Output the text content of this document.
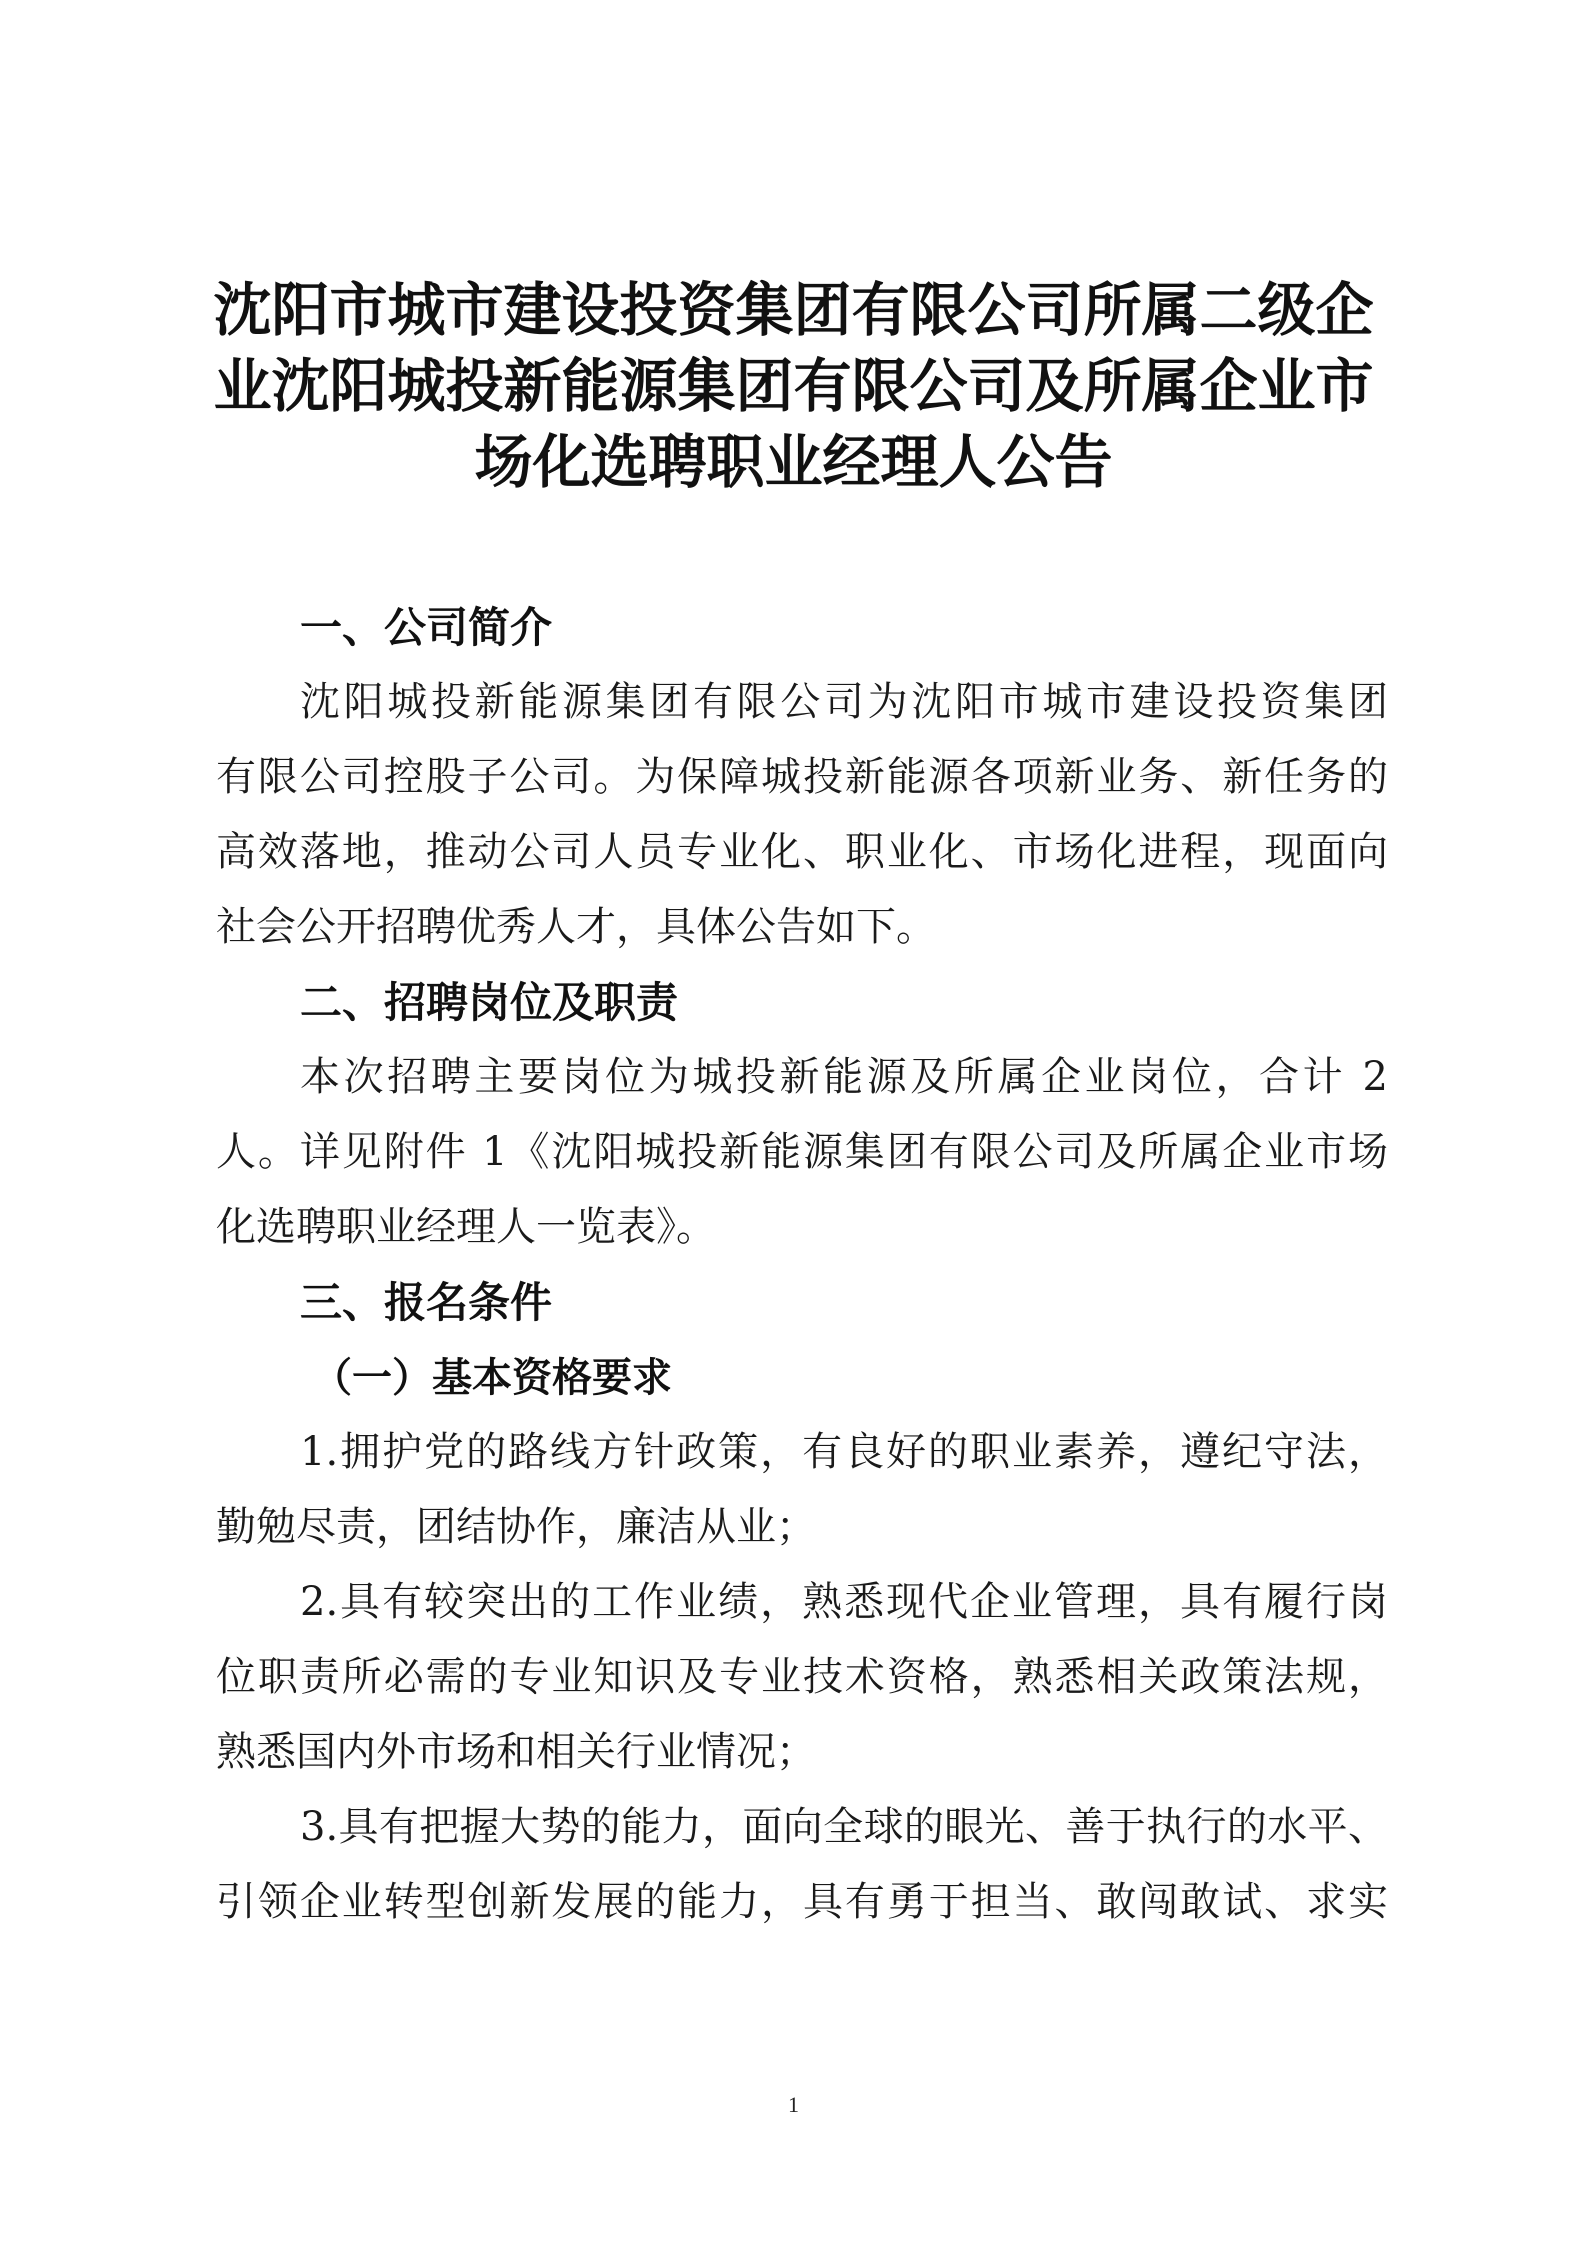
沈阳市城市建设投资集团有限公司所属二级企
业沈阳城投新能源集团有限公司及所属企业市
场化选聘职业经理人公告

一、公司简介

沈阳城投新能源集团有限公司为沈阳市城市建设投资集团
有限公司控股子公司。为保障城投新能源各项新业务、新任务的
高效落地，推动公司人员专业化、职业化、市场化进程，现面向
社会公开招聘优秀人才，具体公告如下。

二、招聘岗位及职责

本次招聘主要岗位为城投新能源及所属企业岗位，合计 2
人。详见附件 1《沈阳城投新能源集团有限公司及所属企业市场
化选聘职业经理人一览表》。

三、报名条件

（一）基本资格要求

1.拥护党的路线方针政策，有良好的职业素养，遵纪守法，
勤勉尽责，团结协作，廉洁从业；

2.具有较突出的工作业绩，熟悉现代企业管理，具有履行岗
位职责所必需的专业知识及专业技术资格，熟悉相关政策法规，
熟悉国内外市场和相关行业情况；

3.具有把握大势的能力，面向全球的眼光、善于执行的水平、
引领企业转型创新发展的能力，具有勇于担当、敢闯敢试、求实

1
